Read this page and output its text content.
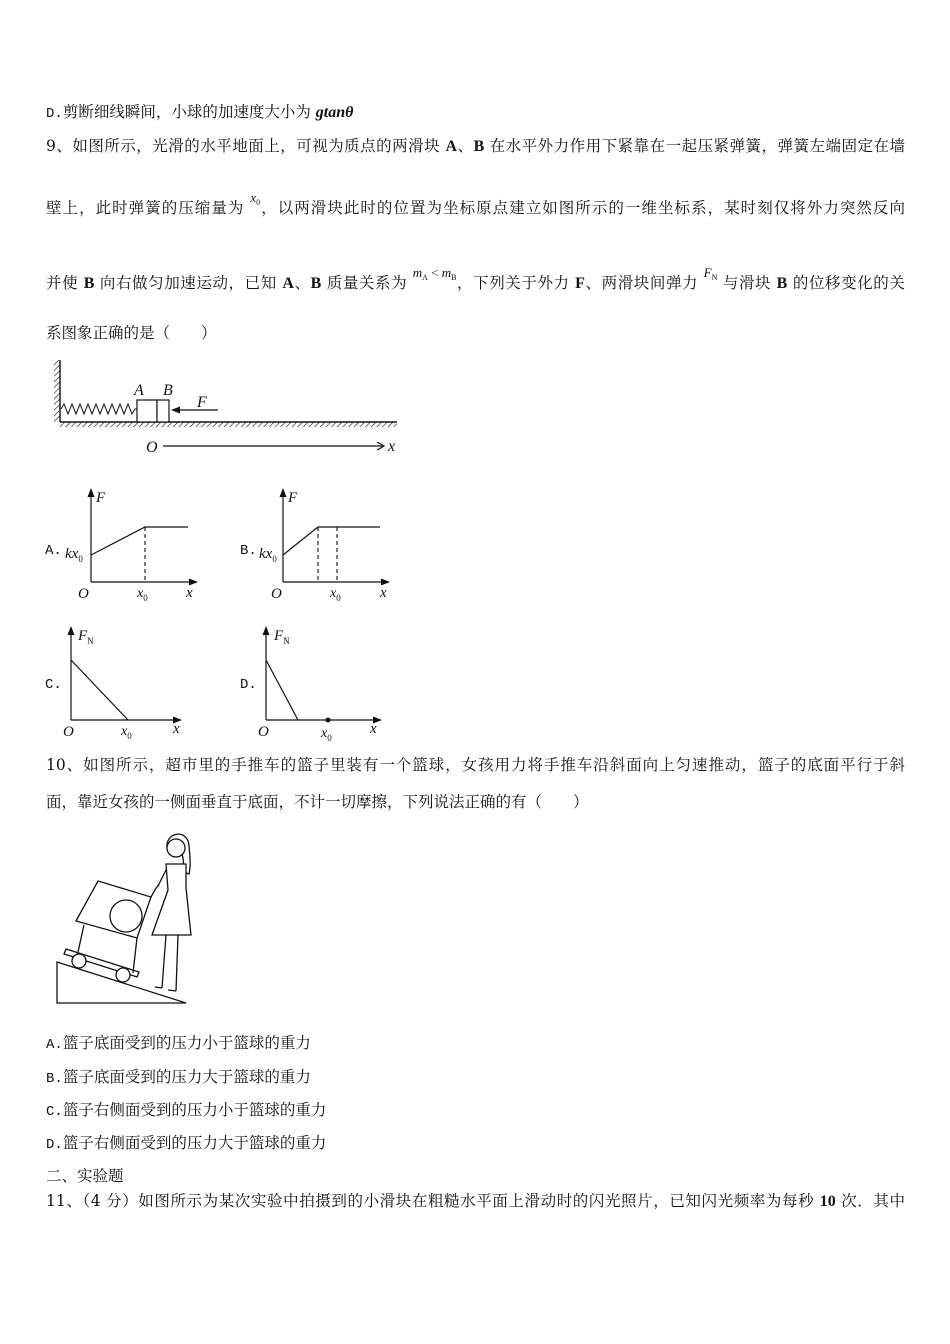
D.剪断细线瞬间，小球的加速度大小为 gtanθ
9、如图所示，光滑的水平地面上，可视为质点的两滑块 A、B 在水平外力作用下紧靠在一起压紧弹簧，弹簧左端固定在墙
壁上，此时弹簧的压缩量为 $x_0$，以两滑块此时的位置为坐标原点建立如图所示的一维坐标系，某时刻仅将外力突然反向
并使 B 向右做匀加速运动，已知 A、B 质量关系为 $m_A < m_B$，下列关于外力 F、两滑块间弹力 $F_N$ 与滑块 B 的位移变化的关
系图象正确的是（　　）
10、如图所示，超市里的手推车的篮子里装有一个篮球，女孩用力将手推车沿斜面向上匀速推动，篮子的底面平行于斜
面，靠近女孩的一侧面垂直于底面，不计一切摩擦，下列说法正确的有（　　）
A.篮子底面受到的压力小于篮球的重力
B.篮子底面受到的压力大于篮球的重力
C.篮子右侧面受到的压力小于篮球的重力
D.篮子右侧面受到的压力大于篮球的重力
二、实验题
11、（4 分）如图所示为某次实验中拍摄到的小滑块在粗糙水平面上滑动时的闪光照片，已知闪光频率为每秒 10 次．其中
A B
F
O	x
A.
F
x
O
$kx_0$
$x_0$
B.
F
x
O
$kx_0$
$x_0$
C.
$F_N$
x
O	$x_0$
D.
$F_N$
x
O	$x_0$
